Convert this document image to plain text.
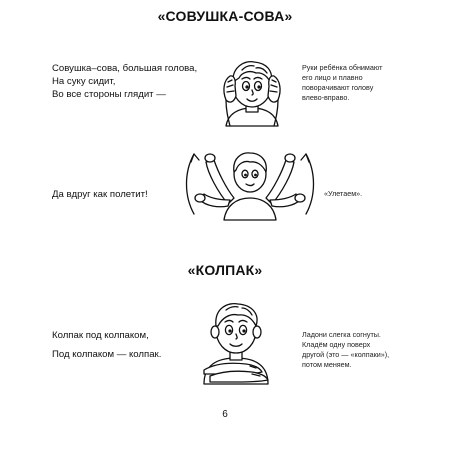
«СОВУШКА-СОВА»
Совушка–сова, большая голова,
На суку сидит,
Во все стороны глядит —
Руки ребёнка обнимают
его лицо и плавно
поворачивают голову
влево-вправо.
Да вдруг как полетит!	«Улетаем».
«КОЛПАК»
Колпак под колпаком,
Под колпаком — колпак.
Ладони слегка согнуты.
Кладём одну поверх
другой (это — «колпаки»),
потом меняем.
6
